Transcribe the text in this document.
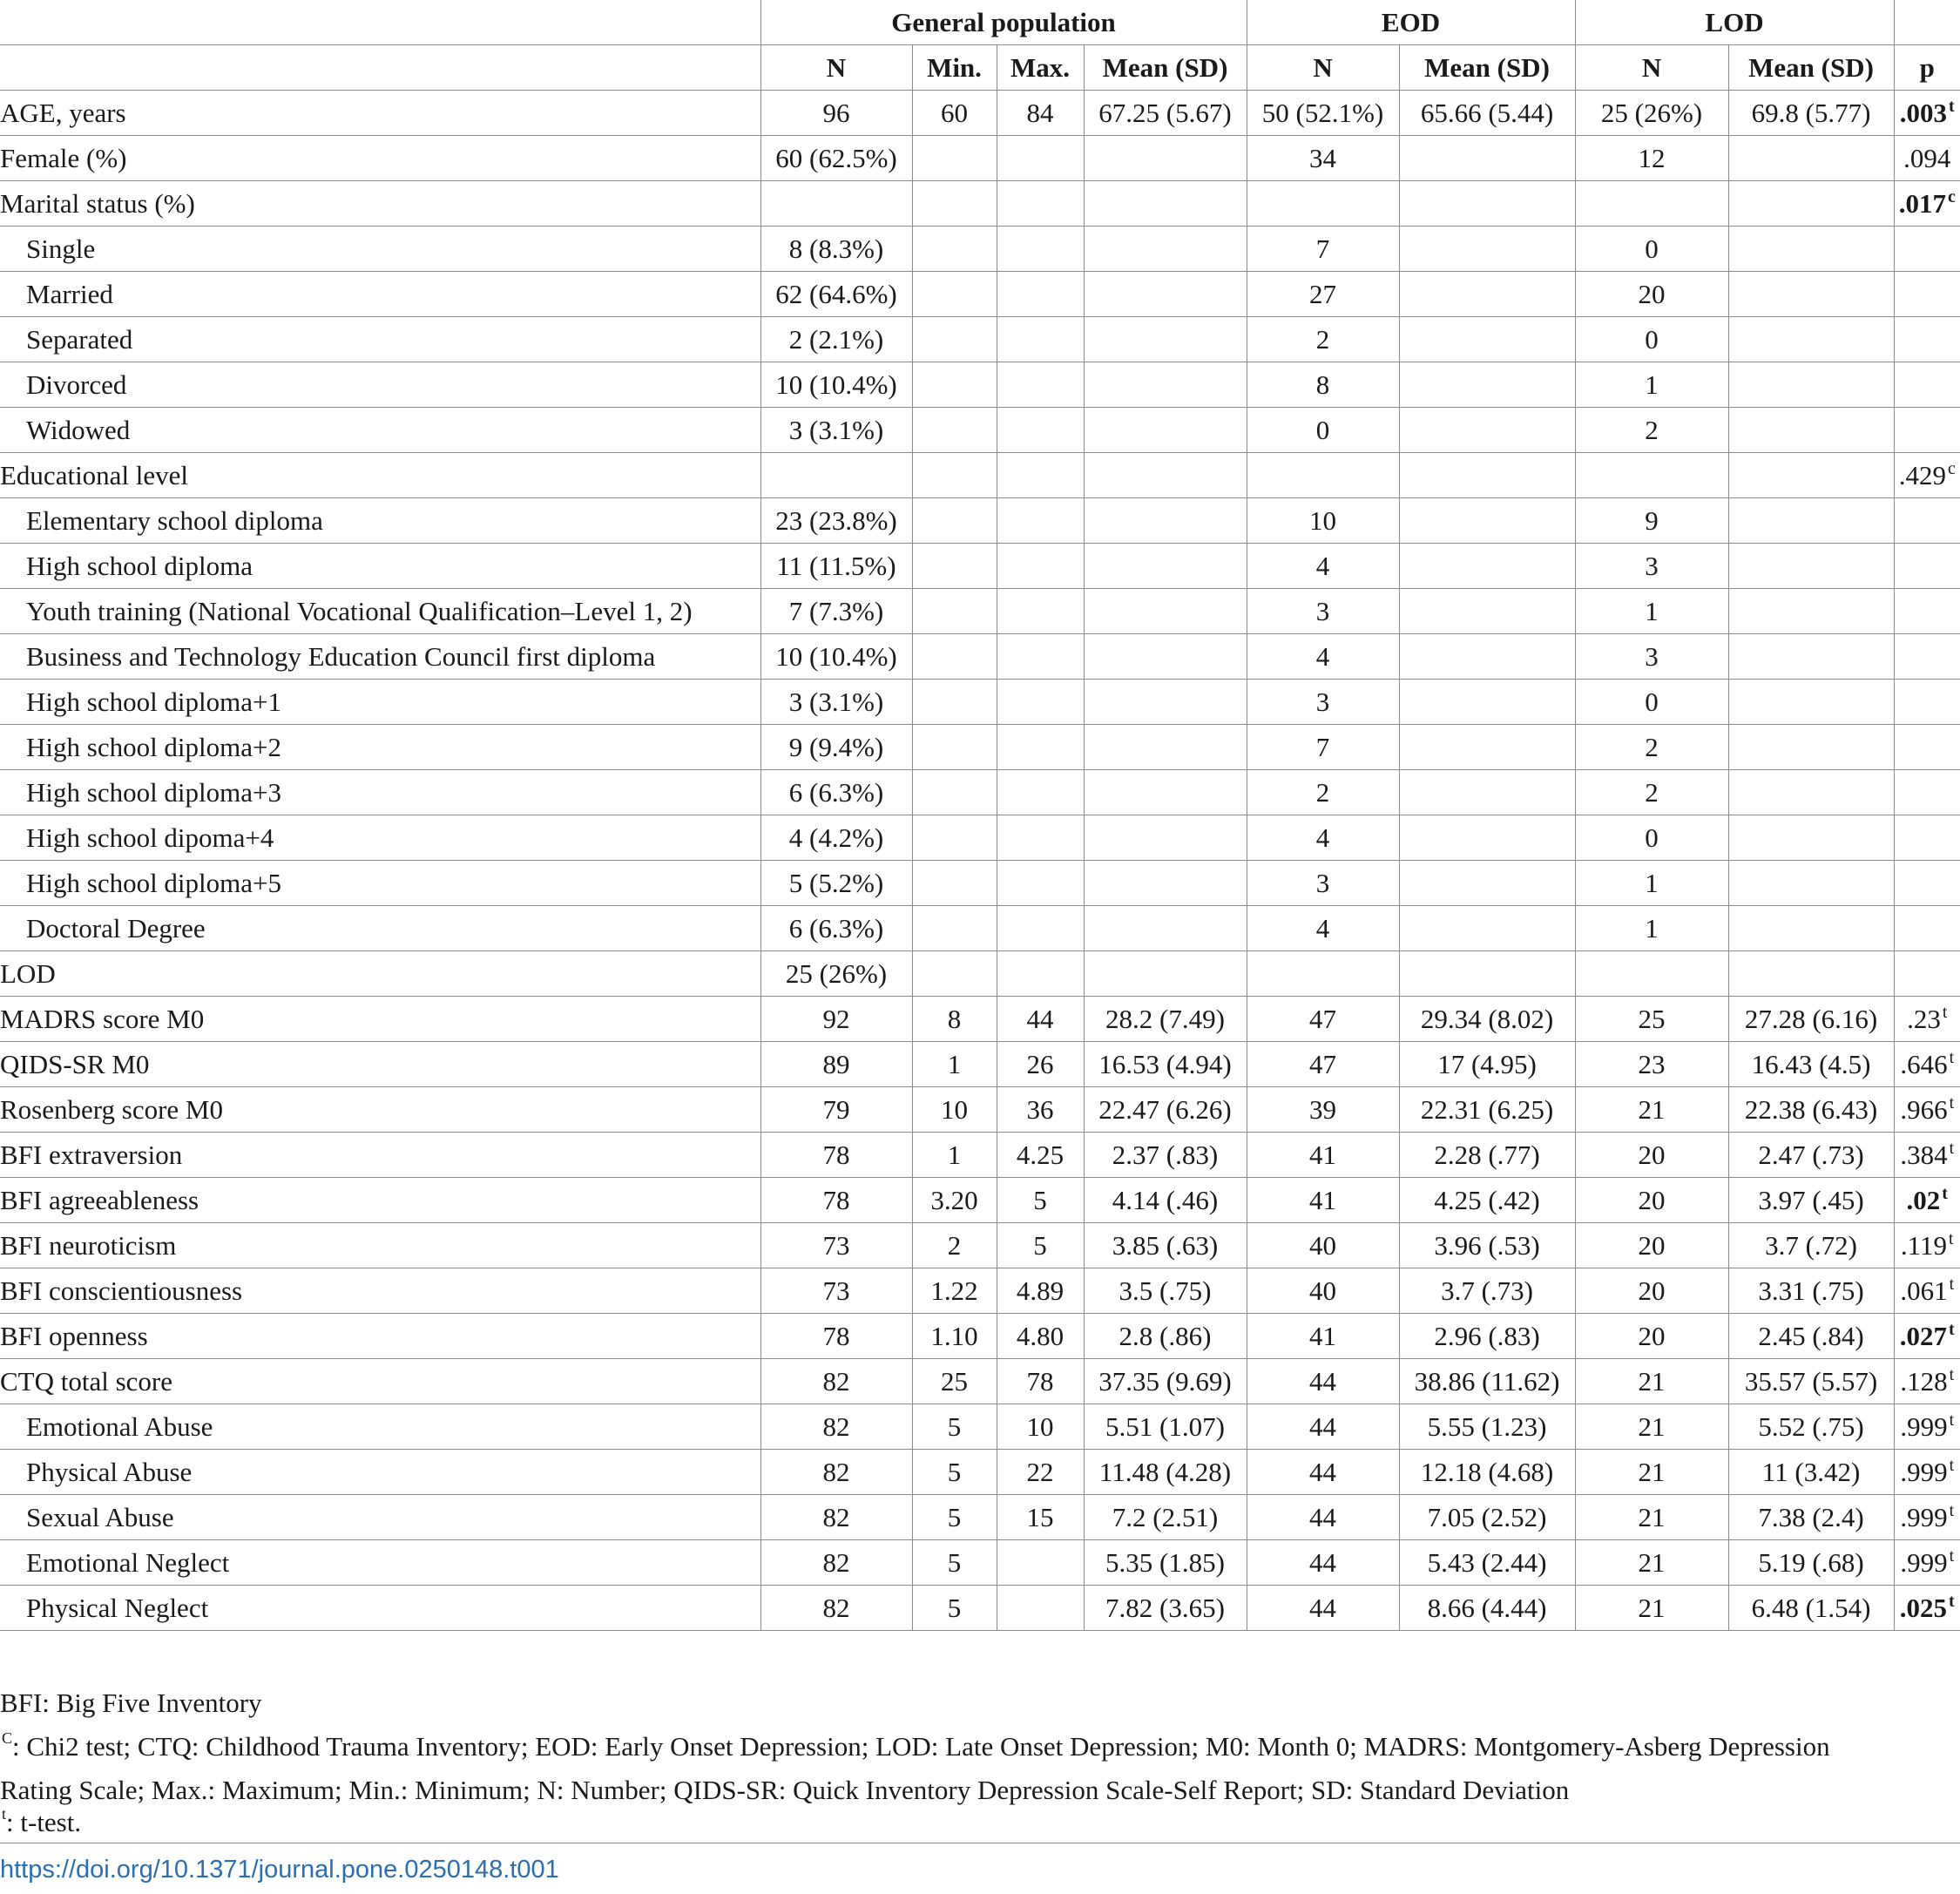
	General population				EOD		LOD		
	N	Min.	Max.	Mean (SD)	N	Mean (SD)	N	Mean (SD)	p
AGE, years	96	60	84	67.25 (5.67)	50 (52.1%)	65.66 (5.44)	25 (26%)	69.8 (5.77)	.003 $^t$
Female (%)	60 (62.5%)				34		12		.094
Marital status (%)									.017 $^c$
Single	8 (8.3%)				7		0		
Married	62 (64.6%)				27		20		
Separated	2 (2.1%)				2		0		
Divorced	10 (10.4%)				8		1		
Widowed	3 (3.1%)				0		2		
Educational level									.429 $^c$
Elementary school diploma	23 (23.8%)				10		9		
High school diploma	11 (11.5%)				4		3		
Youth training (National Vocational Qualification–Level 1, 2)	7 (7.3%)				3		1		
Business and Technology Education Council first diploma	10 (10.4%)				4		3		
High school diploma+1	3 (3.1%)				3		0		
High school diploma+2	9 (9.4%)				7		2		
High school diploma+3	6 (6.3%)				2		2		
High school dipoma+4	4 (4.2%)				4		0		
High school diploma+5	5 (5.2%)				3		1		
Doctoral Degree	6 (6.3%)				4		1		
LOD	25 (26%)								
MADRS score M0	92	8	44	28.2 (7.49)	47	29.34 (8.02)	25	27.28 (6.16)	.23 $^t$
QIDS-SR M0	89	1	26	16.53 (4.94)	47	17 (4.95)	23	16.43 (4.5)	.646 $^t$
Rosenberg score M0	79	10	36	22.47 (6.26)	39	22.31 (6.25)	21	22.38 (6.43)	.966 $^t$
BFI extraversion	78	1	4.25	2.37 (.83)	41	2.28 (.77)	20	2.47 (.73)	.384 $^t$
BFI agreeableness	78	3.20	5	4.14 (.46)	41	4.25 (.42)	20	3.97 (.45)	.02 $^t$
BFI neuroticism	73	2	5	3.85 (.63)	40	3.96 (.53)	20	3.7 (.72)	.119 $^t$
BFI conscientiousness	73	1.22	4.89	3.5 (.75)	40	3.7 (.73)	20	3.31 (.75)	.061 $^t$
BFI openness	78	1.10	4.80	2.8 (.86)	41	2.96 (.83)	20	2.45 (.84)	.027 $^t$
CTQ total score	82	25	78	37.35 (9.69)	44	38.86 (11.62)	21	35.57 (5.57)	.128 $^t$
Emotional Abuse	82	5	10	5.51 (1.07)	44	5.55 (1.23)	21	5.52 (.75)	.999 $^t$
Physical Abuse	82	5	22	11.48 (4.28)	44	12.18 (4.68)	21	11 (3.42)	.999 $^t$
Sexual Abuse	82	5	15	7.2 (2.51)	44	7.05 (2.52)	21	7.38 (2.4)	.999 $^t$
Emotional Neglect	82	5		5.35 (1.85)	44	5.43 (2.44)	21	5.19 (.68)	.999 $^t$
Physical Neglect	82	5		7.82 (3.65)	44	8.66 (4.44)	21	6.48 (1.54)	.025 $^t$
BFI: Big Five Inventory
$^C$: Chi2 test; CTQ: Childhood Trauma Inventory; EOD: Early Onset Depression; LOD: Late Onset Depression; M0: Month 0; MADRS: Montgomery-Asberg Depression
Rating Scale; Max.: Maximum; Min.: Minimum; N: Number; QIDS-SR: Quick Inventory Depression Scale-Self Report; SD: Standard Deviation
$^t$: t-test.
https://doi.org/10.1371/journal.pone.0250148.t001
